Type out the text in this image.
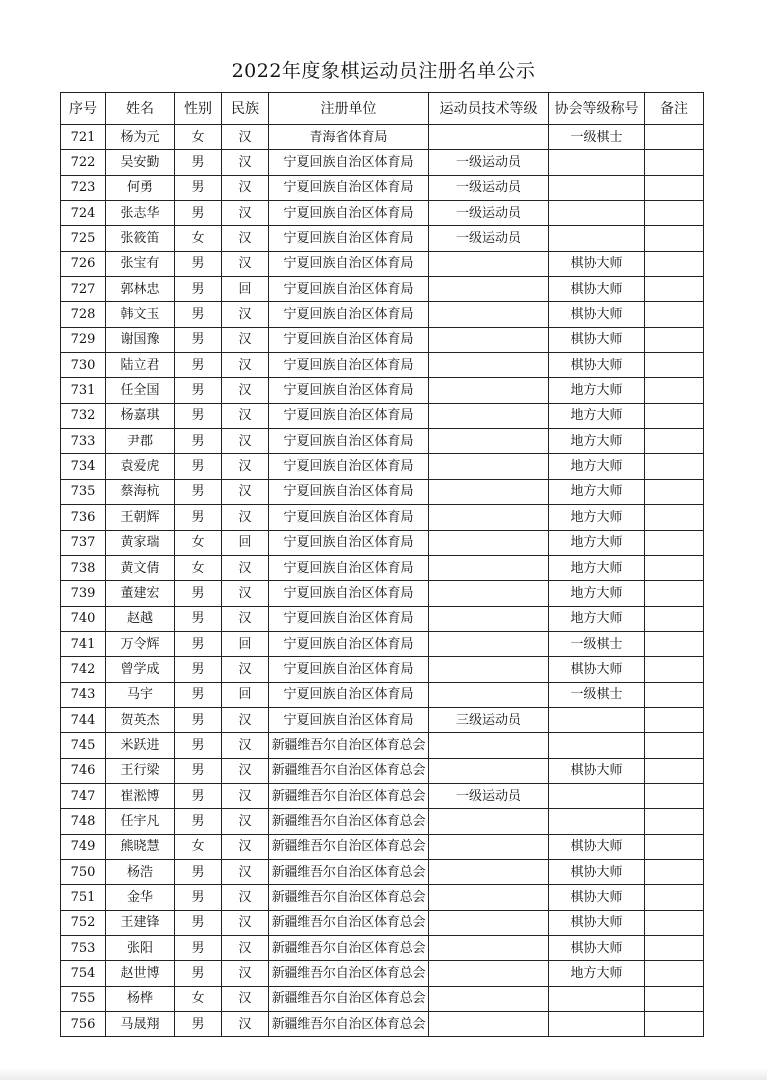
2022年度象棋运动员注册名单公示
序号	姓名	性别	民族	注册单位	运动员技术等级	协会等级称号	备注
721	杨为元	女	汉	青海省体育局		一级棋士	
722	吴安勤	男	汉	宁夏回族自治区体育局	一级运动员		
723	何勇	男	汉	宁夏回族自治区体育局	一级运动员		
724	张志华	男	汉	宁夏回族自治区体育局	一级运动员		
725	张筱笛	女	汉	宁夏回族自治区体育局	一级运动员		
726	张宝有	男	汉	宁夏回族自治区体育局		棋协大师	
727	郭林忠	男	回	宁夏回族自治区体育局		棋协大师	
728	韩文玉	男	汉	宁夏回族自治区体育局		棋协大师	
729	谢国豫	男	汉	宁夏回族自治区体育局		棋协大师	
730	陆立君	男	汉	宁夏回族自治区体育局		棋协大师	
731	任全国	男	汉	宁夏回族自治区体育局		地方大师	
732	杨嘉琪	男	汉	宁夏回族自治区体育局		地方大师	
733	尹郡	男	汉	宁夏回族自治区体育局		地方大师	
734	袁爱虎	男	汉	宁夏回族自治区体育局		地方大师	
735	蔡海杭	男	汉	宁夏回族自治区体育局		地方大师	
736	王朝辉	男	汉	宁夏回族自治区体育局		地方大师	
737	黄家瑞	女	回	宁夏回族自治区体育局		地方大师	
738	黄文倩	女	汉	宁夏回族自治区体育局		地方大师	
739	董建宏	男	汉	宁夏回族自治区体育局		地方大师	
740	赵越	男	汉	宁夏回族自治区体育局		地方大师	
741	万令辉	男	回	宁夏回族自治区体育局		一级棋士	
742	曾学成	男	汉	宁夏回族自治区体育局		棋协大师	
743	马宇	男	回	宁夏回族自治区体育局		一级棋士	
744	贺英杰	男	汉	宁夏回族自治区体育局	三级运动员		
745	米跃进	男	汉	新疆维吾尔自治区体育总会			
746	王行梁	男	汉	新疆维吾尔自治区体育总会		棋协大师	
747	崔淞博	男	汉	新疆维吾尔自治区体育总会	一级运动员		
748	任宇凡	男	汉	新疆维吾尔自治区体育总会			
749	熊晓慧	女	汉	新疆维吾尔自治区体育总会		棋协大师	
750	杨浩	男	汉	新疆维吾尔自治区体育总会		棋协大师	
751	金华	男	汉	新疆维吾尔自治区体育总会		棋协大师	
752	王建锋	男	汉	新疆维吾尔自治区体育总会		棋协大师	
753	张阳	男	汉	新疆维吾尔自治区体育总会		棋协大师	
754	赵世博	男	汉	新疆维吾尔自治区体育总会		地方大师	
755	杨桦	女	汉	新疆维吾尔自治区体育总会			
756	马晟翔	男	汉	新疆维吾尔自治区体育总会			
